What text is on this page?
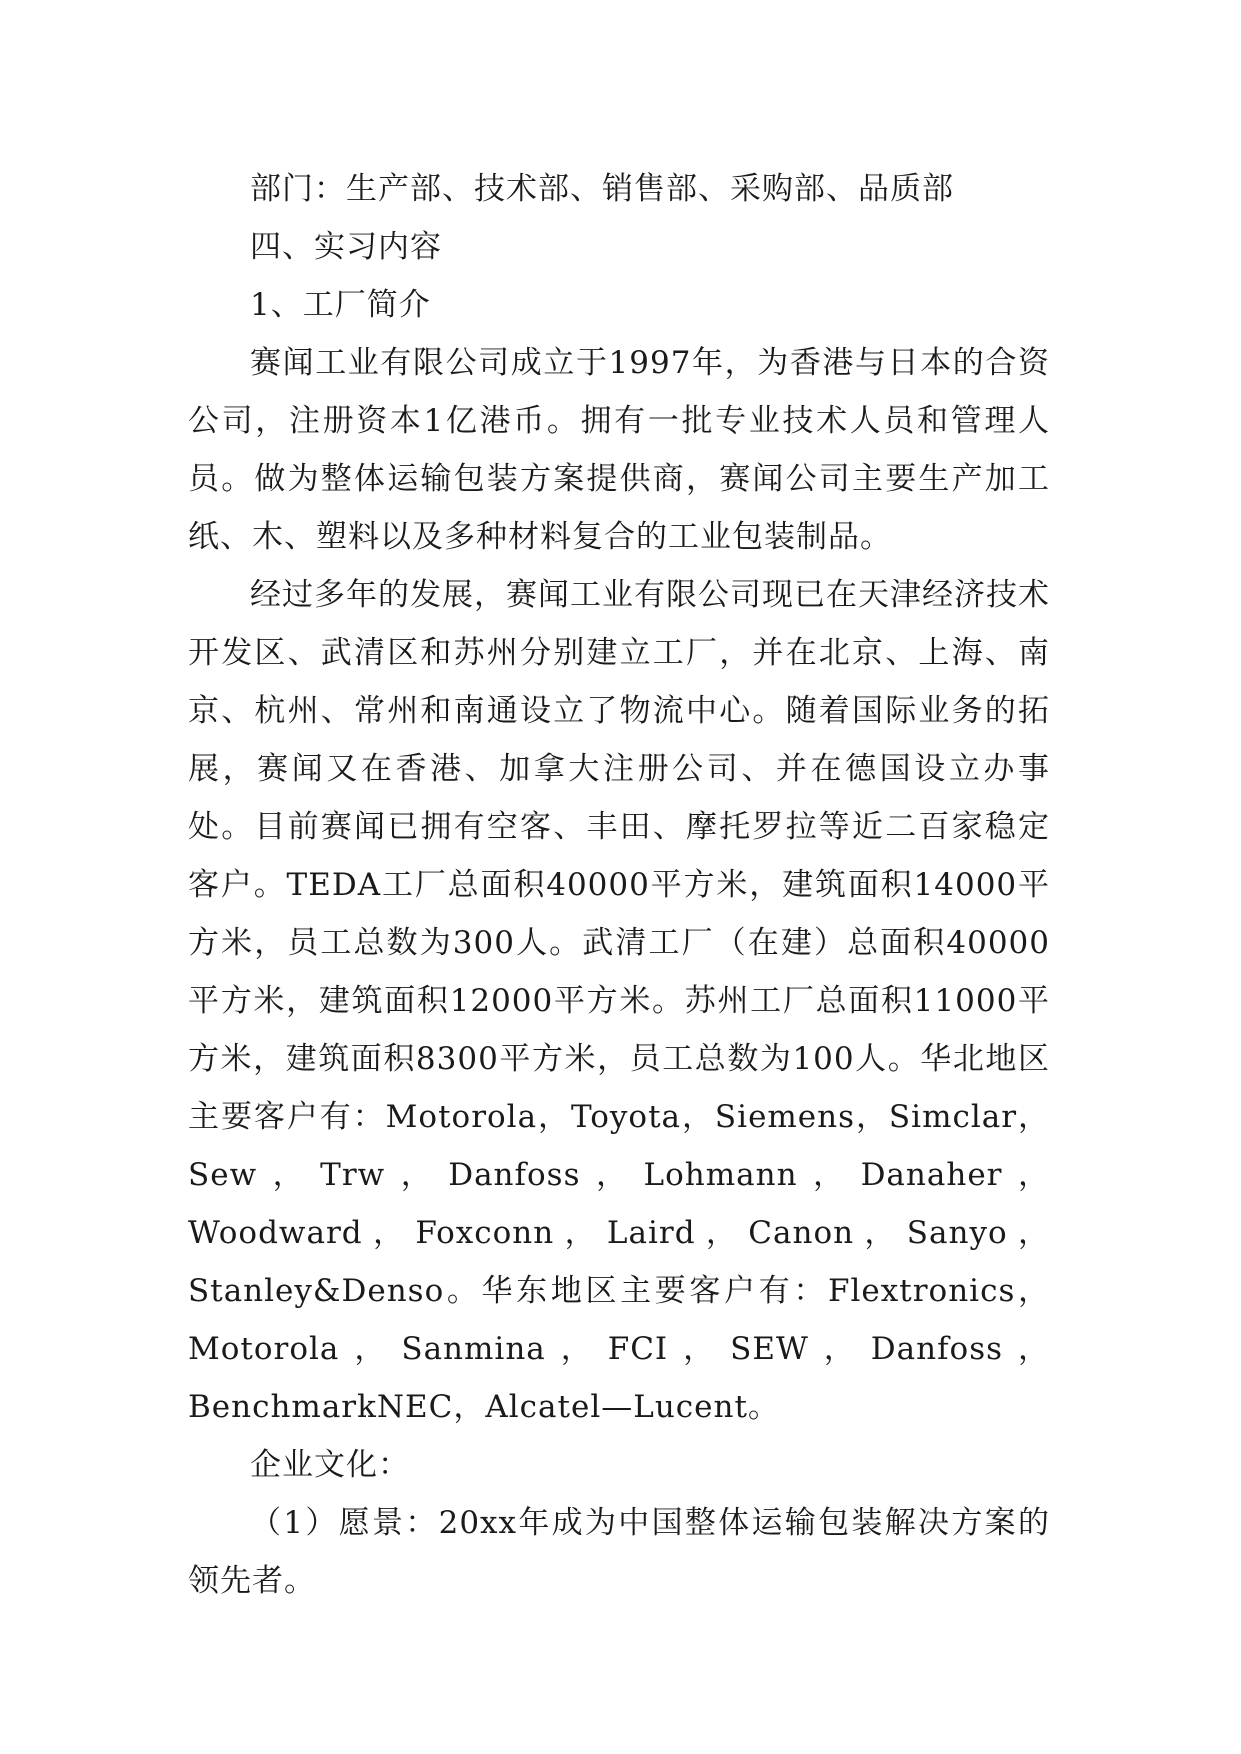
部门：生产部、技术部、销售部、采购部、品质部

四、实习内容

1、工厂简介

赛闻工业有限公司成立于1997年，为香港与日本的合资公司，注册资本1亿港币。拥有一批专业技术人员和管理人员。做为整体运输包装方案提供商，赛闻公司主要生产加工纸、木、塑料以及多种材料复合的工业包装制品。

经过多年的发展，赛闻工业有限公司现已在天津经济技术开发区、武清区和苏州分别建立工厂，并在北京、上海、南京、杭州、常州和南通设立了物流中心。随着国际业务的拓展，赛闻又在香港、加拿大注册公司、并在德国设立办事处。目前赛闻已拥有空客、丰田、摩托罗拉等近二百家稳定客户。TEDA工厂总面积40000平方米，建筑面积14000平方米，员工总数为300人。武清工厂（在建）总面积40000平方米，建筑面积12000平方米。苏州工厂总面积11000平方米，建筑面积8300平方米，员工总数为100人。华北地区主要客户有：Motorola，Toyota，Siemens，Simclar，Sew，Trw，Danfoss，Lohmann，Danaher，Woodward，Foxconn，Laird，Canon，Sanyo，Stanley&Denso。华东地区主要客户有：Flextronics，Motorola，Sanmina，FCI，SEW，Danfoss，BenchmarkNEC，Alcatel—Lucent。

企业文化：

（1）愿景：20xx年成为中国整体运输包装解决方案的领先者。
